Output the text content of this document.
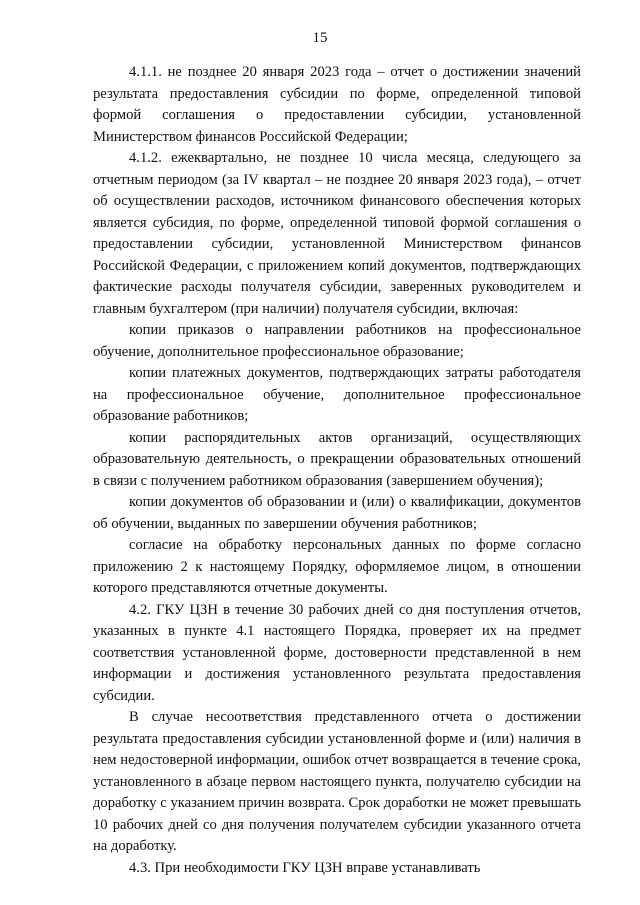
15

4.1.1. не позднее 20 января 2023 года – отчет о достижении значений результата предоставления субсидии по форме, определенной типовой формой соглашения о предоставлении субсидии, установленной Министерством финансов Российской Федерации;

4.1.2. ежеквартально, не позднее 10 числа месяца, следующего за отчетным периодом (за IV квартал – не позднее 20 января 2023 года), – отчет об осуществлении расходов, источником финансового обеспечения которых является субсидия, по форме, определенной типовой формой соглашения о предоставлении субсидии, установленной Министерством финансов Российской Федерации, с приложением копий документов, подтверждающих фактические расходы получателя субсидии, заверенных руководителем и главным бухгалтером (при наличии) получателя субсидии, включая:

копии приказов о направлении работников на профессиональное обучение, дополнительное профессиональное образование;

копии платежных документов, подтверждающих затраты работодателя на профессиональное обучение, дополнительное профессиональное образование работников;

копии распорядительных актов организаций, осуществляющих образовательную деятельность, о прекращении образовательных отношений в связи с получением работником образования (завершением обучения);

копии документов об образовании и (или) о квалификации, документов об обучении, выданных по завершении обучения работников;

согласие на обработку персональных данных по форме согласно приложению 2 к настоящему Порядку, оформляемое лицом, в отношении которого представляются отчетные документы.

4.2. ГКУ ЦЗН в течение 30 рабочих дней со дня поступления отчетов, указанных в пункте 4.1 настоящего Порядка, проверяет их на предмет соответствия установленной форме, достоверности представленной в нем информации и достижения установленного результата предоставления субсидии.

В случае несоответствия представленного отчета о достижении результата предоставления субсидии установленной форме и (или) наличия в нем недостоверной информации, ошибок отчет возвращается в течение срока, установленного в абзаце первом настоящего пункта, получателю субсидии на доработку с указанием причин возврата. Срок доработки не может превышать 10 рабочих дней со дня получения получателем субсидии указанного отчета на доработку.

4.3. При необходимости ГКУ ЦЗН вправе устанавливать
